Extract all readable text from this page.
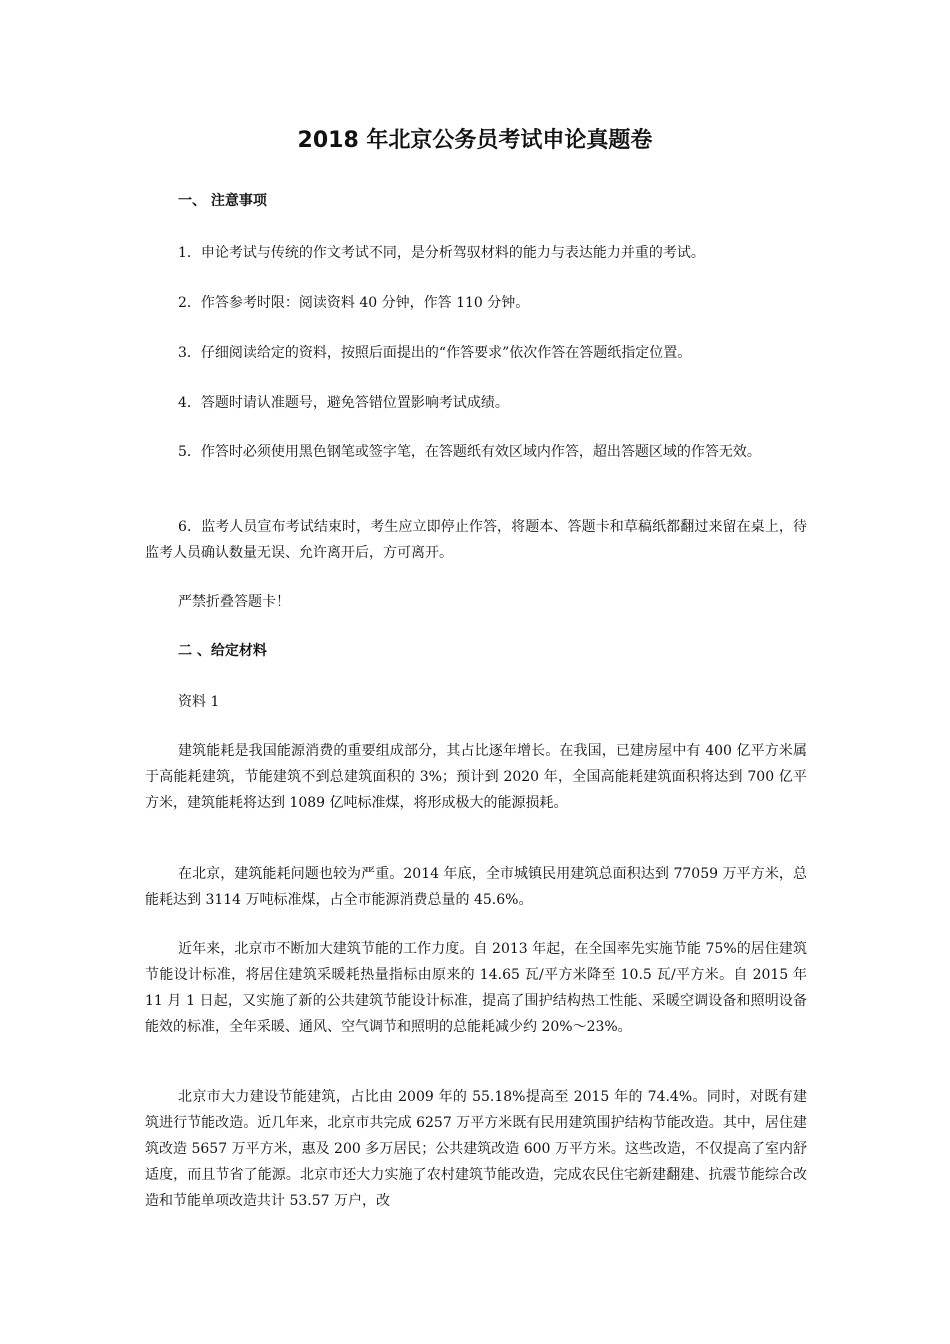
2018 年北京公务员考试申论真题卷
一、 注意事项

1．申论考试与传统的作文考试不同，是分析驾驭材料的能力与表达能力并重的考试。

2．作答参考时限：阅读资料 40 分钟，作答 110 分钟。

3．仔细阅读给定的资料，按照后面提出的“作答要求”依次作答在答题纸指定位置。

4．答题时请认准题号，避免答错位置影响考试成绩。

5．作答时必须使用黑色钢笔或签字笔，在答题纸有效区域内作答，超出答题区域的作答无效。

6．监考人员宣布考试结束时，考生应立即停止作答，将题本、答题卡和草稿纸都翻过来留在桌上，待监考人员确认数量无误、允许离开后，方可离开。

严禁折叠答题卡！

二 、给定材料

资料 1

建筑能耗是我国能源消费的重要组成部分，其占比逐年增长。在我国，已建房屋中有 400 亿平方米属于高能耗建筑，节能建筑不到总建筑面积的 3%；预计到 2020 年，全国高能耗建筑面积将达到 700 亿平方米，建筑能耗将达到 1089 亿吨标准煤，将形成极大的能源损耗。

在北京，建筑能耗问题也较为严重。2014 年底，全市城镇民用建筑总面积达到 77059 万平方米，总能耗达到 3114 万吨标准煤，占全市能源消费总量的 45.6%。

近年来，北京市不断加大建筑节能的工作力度。自 2013 年起，在全国率先实施节能 75%的居住建筑节能设计标准，将居住建筑采暖耗热量指标由原来的 14.65 瓦/平方米降至 10.5 瓦/平方米。自 2015 年 11 月 1 日起，又实施了新的公共建筑节能设计标准，提高了围护结构热工性能、采暖空调设备和照明设备能效的标准，全年采暖、通风、空气调节和照明的总能耗减少约 20%～23%。

北京市大力建设节能建筑，占比由 2009 年的 55.18%提高至 2015 年的 74.4%。同时，对既有建筑进行节能改造。近几年来，北京市共完成 6257 万平方米既有民用建筑围护结构节能改造。其中，居住建筑改造 5657 万平方米，惠及 200 多万居民；公共建筑改造 600 万平方米。这些改造，不仅提高了室内舒适度，而且节省了能源。北京市还大力实施了农村建筑节能改造，完成农民住宅新建翻建、抗震节能综合改造和节能单项改造共计 53.57 万户，改
